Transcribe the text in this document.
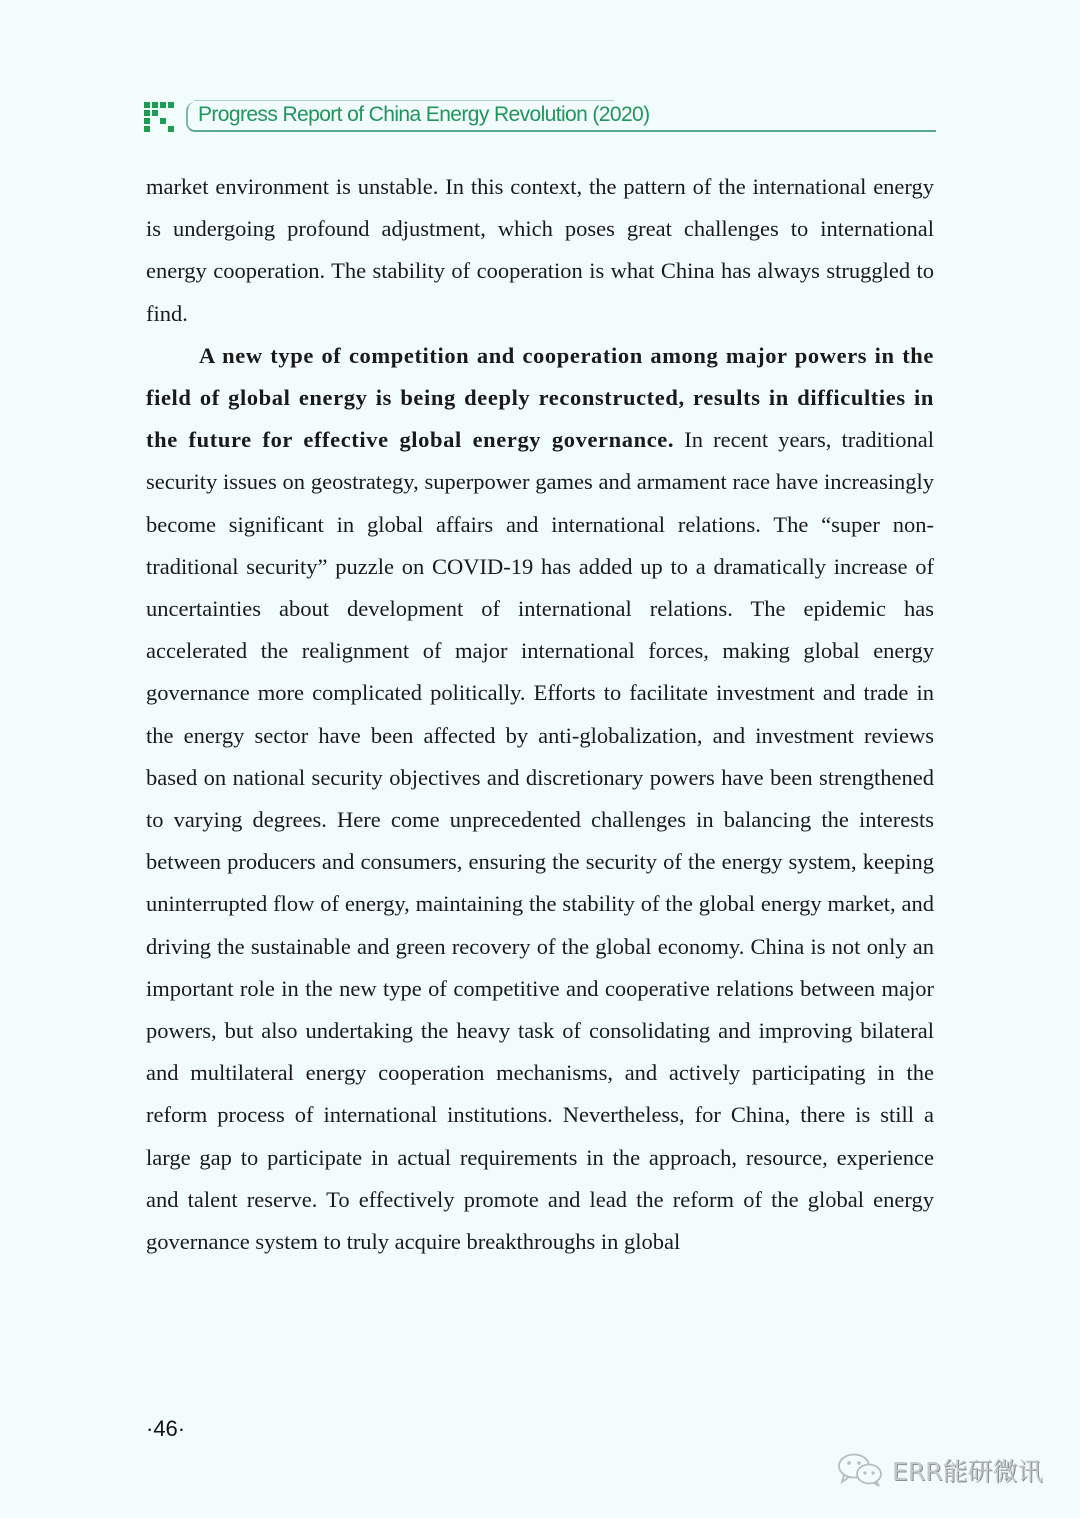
Progress Report of China Energy Revolution (2020)

market environment is unstable. In this context, the pattern of the international energy is undergoing profound adjustment, which poses great challenges to international energy cooperation. The stability of cooperation is what China has always struggled to find.

A new type of competition and cooperation among major powers in the field of global energy is being deeply reconstructed, results in difficulties in the future for effective global energy governance. In recent years, traditional security issues on geostrategy, superpower games and armament race have increasingly become significant in global affairs and international relations. The “super non-traditional security” puzzle on COVID-19 has added up to a dramatically increase of uncertainties about development of international relations. The epidemic has accelerated the realignment of major international forces, making global energy governance more complicated politically. Efforts to facilitate investment and trade in the energy sector have been affected by anti-globalization, and investment reviews based on national security objectives and discretionary powers have been strengthened to varying degrees. Here come unprecedented challenges in balancing the interests between producers and consumers, ensuring the security of the energy system, keeping uninterrupted flow of energy, maintaining the stability of the global energy market, and driving the sustainable and green recovery of the global economy. China is not only an important role in the new type of competitive and cooperative relations between major powers, but also undertaking the heavy task of consolidating and improving bilateral and multilateral energy cooperation mechanisms, and actively participating in the reform process of international institutions. Nevertheless, for China, there is still a large gap to participate in actual requirements in the approach, resource, experience and talent reserve. To effectively promote and lead the reform of the global energy governance system to truly acquire breakthroughs in global

·46·
ERR能研微讯
